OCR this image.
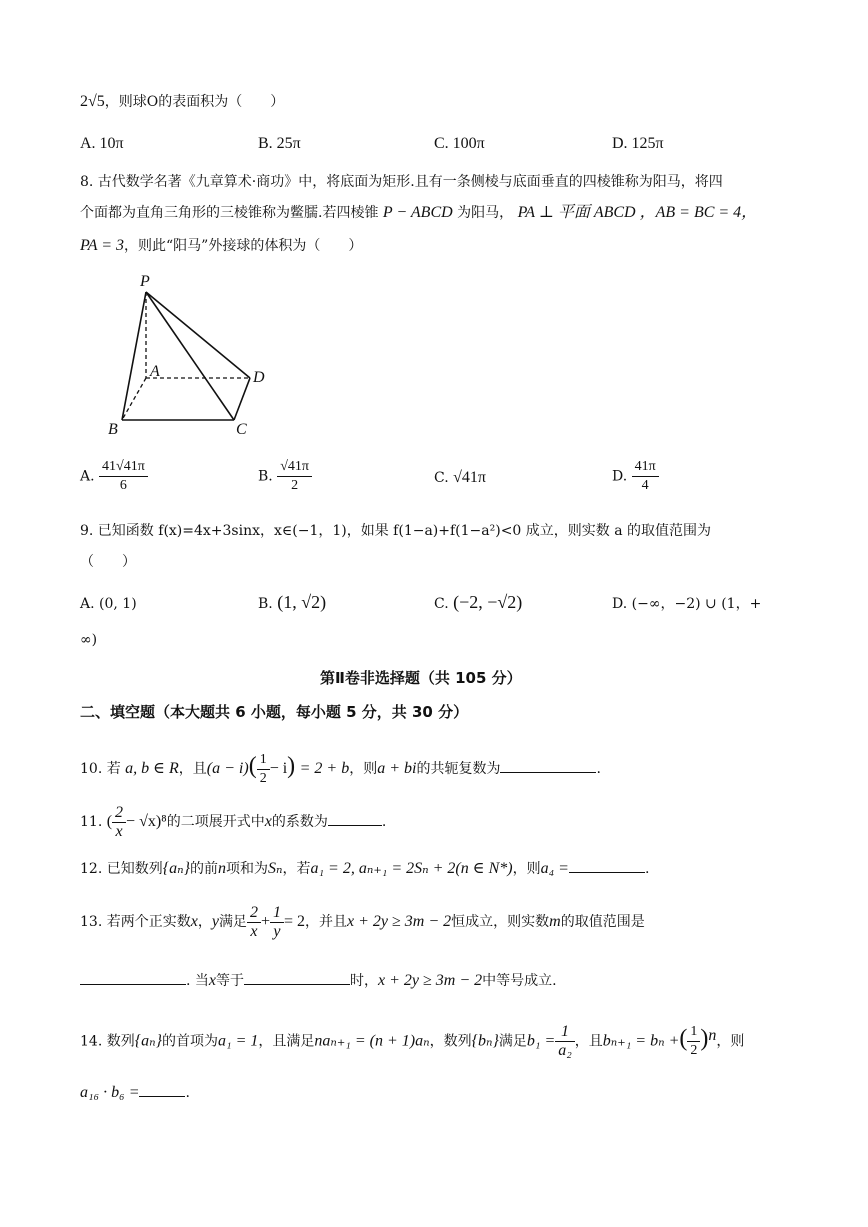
2√5，则球O的表面积为（　　）
A. 10π	B. 25π	C. 100π	D. 125π
8. 古代数学名著《九章算术·商功》中，将底面为矩形.且有一条侧棱与底面垂直的四棱锥称为阳马，将四
个面都为直角三角形的三棱锥称为鳖臑.若四棱锥 P − ABCD 为阳马， PA ⊥ 平面 ABCD ，AB = BC = 4，
PA = 3，则此“阳马”外接球的体积为（　　）
P
A
B	C
D
A. $\frac{41√41\pi}{6}$	B. $\frac{√41\pi}{2}$	C. √41π	D. $\frac{41\pi}{4}$
9. 已知函数 f(x)=4x+3sinx，x∈(−1，1)，如果 f(1−a)+f(1−a²)<0 成立，则实数 a 的取值范围为
（　　）
A. (0, 1)	B. (1, √2)	C. (−2, −√2)	D. (−∞，−2) ∪ (1，+
∞)
第Ⅱ卷非选择题（共 105 分）
二、填空题（本大题共 6 小题，每小题 5 分，共 30 分）
10. 若 a, b ∈ R，且$(a - i)( \frac{1}{2} - i) = 2 + b$，则a + bi的共轭复数为	.
11. ( $\frac{2}{x} - √x)^8$的二项展开式中x的系数为	.
12. 已知数列{aₙ}的前n项和为Sₙ，若a₁ = 2, aₙ₊₁ = 2Sₙ + 2(n ∈ N*)，则a₄ =	.
13. 若两个正实数x，y满足 $\frac{2}{x} + \frac{1}{y} = 2$，并且x + 2y ≥ 3m − 2恒成立，则实数m的取值范围是
. 当x等于	时，x + 2y ≥ 3m − 2中等号成立.
14. 数列{aₙ}的首项为a₁ = 1，且满足naₙ₊₁ = (n + 1)aₙ，数列{bₙ}满足$b_1 = \frac{1}{\text{a₂}}$ ，且bₙ₊₁ = bₙ +( $\frac{1}{2} )^n$，则
a₁₆ · b₆ =	.
